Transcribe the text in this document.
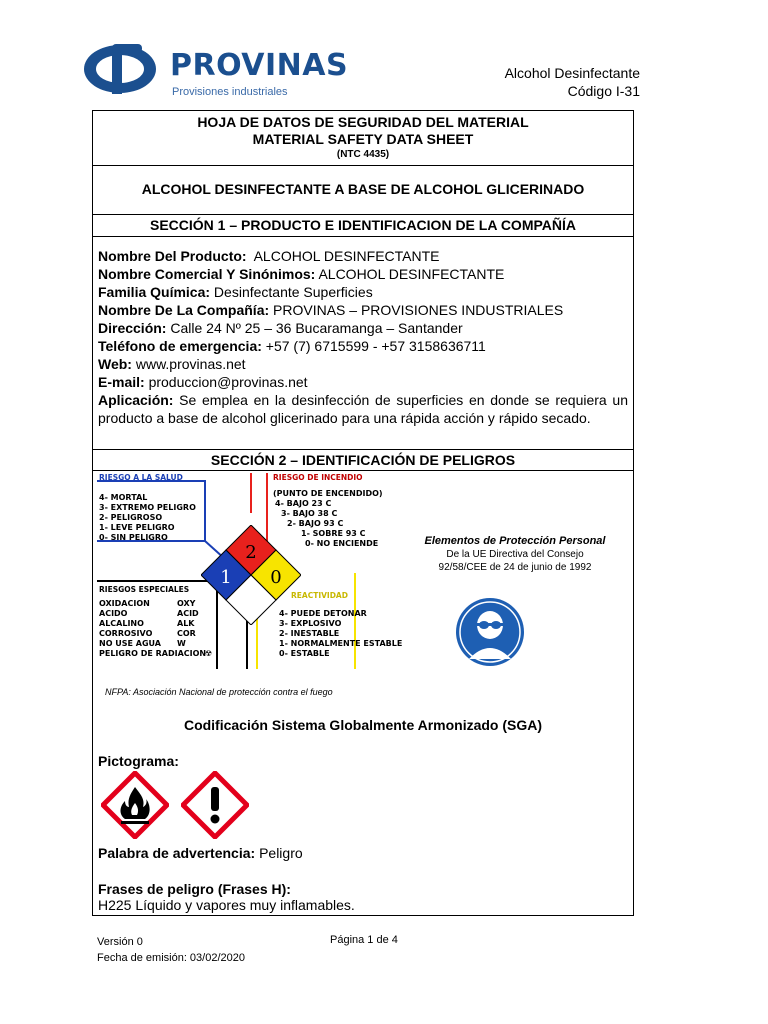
PROVINAS
Provisiones industriales
Alcohol Desinfectante
Código I-31
HOJA DE DATOS DE SEGURIDAD DEL MATERIAL
MATERIAL SAFETY DATA SHEET
(NTC 4435)
ALCOHOL DESINFECTANTE A BASE DE ALCOHOL GLICERINADO
SECCIÓN 1 – PRODUCTO E IDENTIFICACION DE LA COMPAÑÍA

Nombre Del Producto:  ALCOHOL DESINFECTANTE

Nombre Comercial Y Sinónimos: ALCOHOL DESINFECTANTE

Familia Química: Desinfectante Superficies

Nombre De La Compañía: PROVINAS – PROVISIONES INDUSTRIALES

Dirección: Calle 24 Nº 25 – 36 Bucaramanga – Santander

Teléfono de emergencia: +57 (7) 6715599 - +57 3158636711

Web: www.provinas.net

E-mail: produccion@provinas.net

Aplicación: Se emplea en la desinfección de superficies en donde se requiera un producto a base de alcohol glicerinado para una rápida acción y rápido secado.

SECCIÓN 2 – IDENTIFICACIÓN DE PELIGROS
2
1 0
RIESGO A LA SALUD
4- MORTAL
3- EXTREMO PELIGRO
2- PELIGROSO
1- LEVE PELIGRO
0- SIN PELIGRO
RIESGO DE INCENDIO
(PUNTO DE ENCENDIDO)
4- BAJO 23 C
3- BAJO 38 C
2- BAJO 93 C
1- SOBRE 93 C
0- NO ENCIENDE
RIESGOS ESPECIALES
OXIDACION
ACIDO
ALCALINO
CORROSIVO
NO USE AGUA
PELIGRO DE RADIACION
OXY
ACID
ALK
COR
W
☢
REACTIVIDAD
4- PUEDE DETONAR
3- EXPLOSIVO
2- INESTABLE
1- NORMALMENTE ESTABLE
0- ESTABLE
Elementos de Protección Personal
De la UE Directiva del Consejo
92/58/CEE de 24 de junio de 1992
NFPA: Asociación Nacional de protección contra el fuego
Codificación Sistema Globalmente Armonizado (SGA)
Pictograma:
Palabra de advertencia: Peligro
Frases de peligro (Frases H):
H225 Líquido y vapores muy inflamables.
Versión 0
Fecha de emisión: 03/02/2020
Página 1 de 4
